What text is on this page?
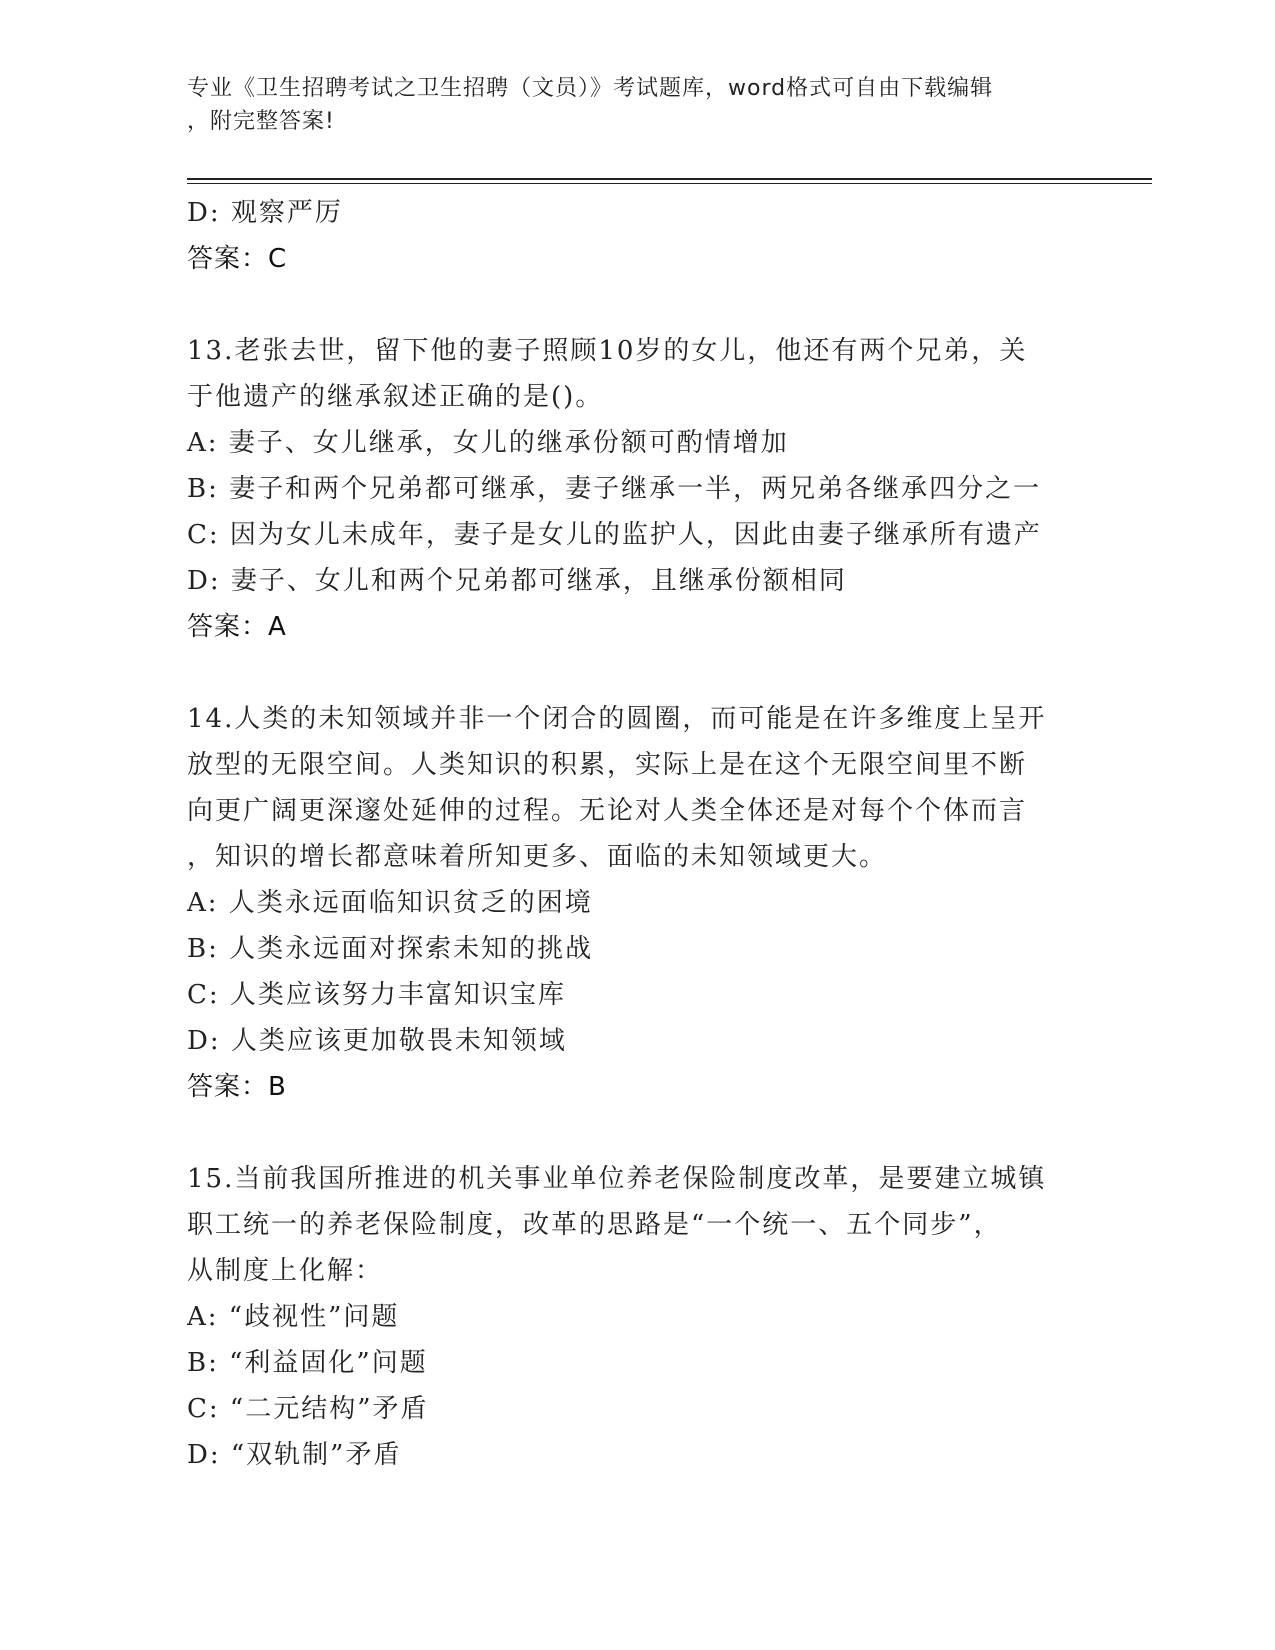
专业《卫生招聘考试之卫生招聘（文员）》考试题库，word格式可自由下载编辑
，附完整答案!
D: 观察严厉
答案：C
13.老张去世，留下他的妻子照顾10岁的女儿，他还有两个兄弟，关
于他遗产的继承叙述正确的是()。
A: 妻子、女儿继承，女儿的继承份额可酌情增加
B: 妻子和两个兄弟都可继承，妻子继承一半，两兄弟各继承四分之一
C: 因为女儿未成年，妻子是女儿的监护人，因此由妻子继承所有遗产
D: 妻子、女儿和两个兄弟都可继承，且继承份额相同
答案：A
14.人类的未知领域并非一个闭合的圆圈，而可能是在许多维度上呈开
放型的无限空间。人类知识的积累，实际上是在这个无限空间里不断
向更广阔更深邃处延伸的过程。无论对人类全体还是对每个个体而言
，知识的增长都意味着所知更多、面临的未知领域更大。
A: 人类永远面临知识贫乏的困境
B: 人类永远面对探索未知的挑战
C: 人类应该努力丰富知识宝库
D: 人类应该更加敬畏未知领域
答案：B
15.当前我国所推进的机关事业单位养老保险制度改革，是要建立城镇
职工统一的养老保险制度，改革的思路是“一个统一、五个同步”，
从制度上化解：
A: “歧视性”问题
B: “利益固化”问题
C: “二元结构”矛盾
D: “双轨制”矛盾
